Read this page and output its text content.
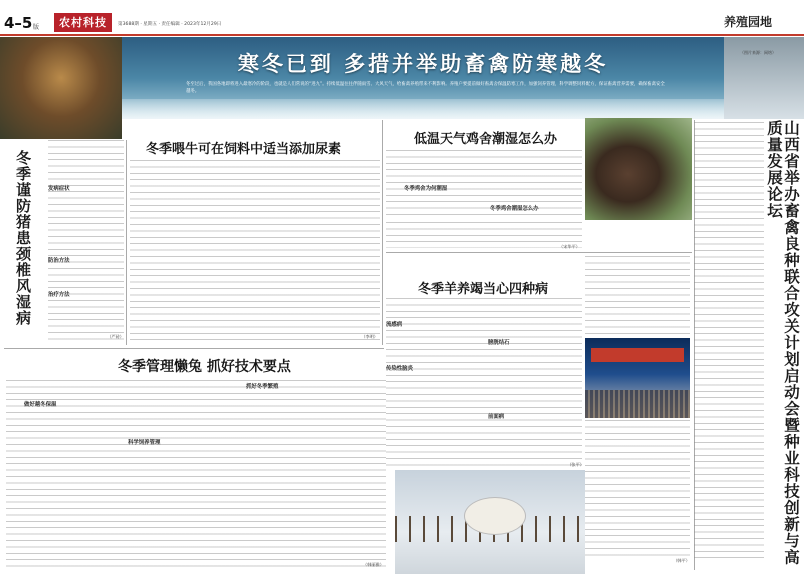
4–5 版	农村科技	第3688期 · 星期五 · 责任编辑 · 2023年12月29日	养殖园地
寒冬已到 多措并举助畜禽防寒越冬
冬至过后，我国各地即将进入最寒冷的阶段，也就是人们常说的“进九”。持续低温往往伴随雨雪、大风天气，给畜禽养殖带来不利影响。养殖户要提前做好畜禽舍保温防寒工作，加强饲养管理，科学调整饲料配方，保证畜禽营养需要，确保畜禽安全越冬。
（图片来源：网络）
冬季谨防猪患颈椎风湿病	发病症状
防治方法
治疗方法
（严砖）
冬季喂牛可在饲料中适当添加尿素
（李明）
低温天气鸡舍潮湿怎么办
冬季鸡舍为何潮湿
冬季鸡舍潮湿怎么办
（宋华平）
冬季羊养竭当心四种病
流感病
传染性脑炎
膀胱结石
前面病
（张平）
冬季管理懒兔 抓好技术要点
做好越冬保温
科学饲养管理
抓好冬季繁殖
（韩丽雅）
（韩平）	山西省举办畜禽良种联合攻关计划启动会暨种业科技创新与高质量发展论坛
